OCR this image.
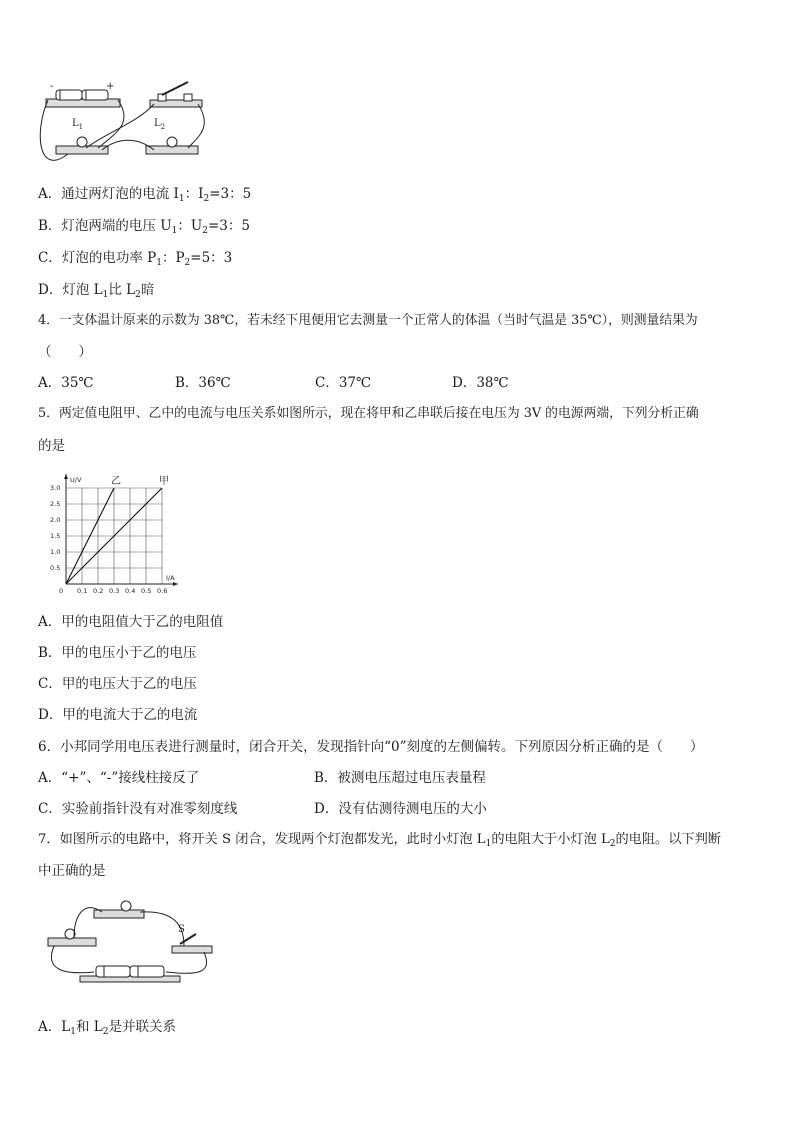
-	+
$L_1$	$L_2$
A．通过两灯泡的电流 $I_1$：$I_2=3$：5
B．灯泡两端的电压 $U_1$：$U_2=3$：5
C．灯泡的电功率 $P_1$：$P_2=5$：3
D．灯泡 $L_1$比 $L_2$暗
4．一支体温计原来的示数为 38℃，若未经下甩便用它去测量一个正常人的体温（当时气温是 35℃），则测量结果为
（　　）
A．35℃	B．36℃	C．37℃	D．38℃
5．两定值电阻甲、乙中的电流与电压关系如图所示，现在将甲和乙串联后接在电压为 3V 的电源两端，下列分析正确
的是
0.1 0.2 0.3 0.4 0.5 0.6
0.5
1.0
1.5
2.0
2.5
3.0
0
I/A
U/V	乙	甲
A．甲的电阻值大于乙的电阻值
B．甲的电压小于乙的电压
C．甲的电压大于乙的电压
D．甲的电流大于乙的电流
6．小邦同学用电压表进行测量时，闭合开关，发现指针向“0”刻度的左侧偏转。下列原因分析正确的是（　　）
A．“+”、“-”接线柱接反了	B．被测电压超过电压表量程
C．实验前指针没有对准零刻度线	D．没有估测待测电压的大小
7．如图所示的电路中，将开关 S 闭合，发现两个灯泡都发光，此时小灯泡 $L_1$的电阻大于小灯泡 $L_2$的电阻。以下判断
中正确的是
S
A．$L_1$和 $L_2$是并联关系
